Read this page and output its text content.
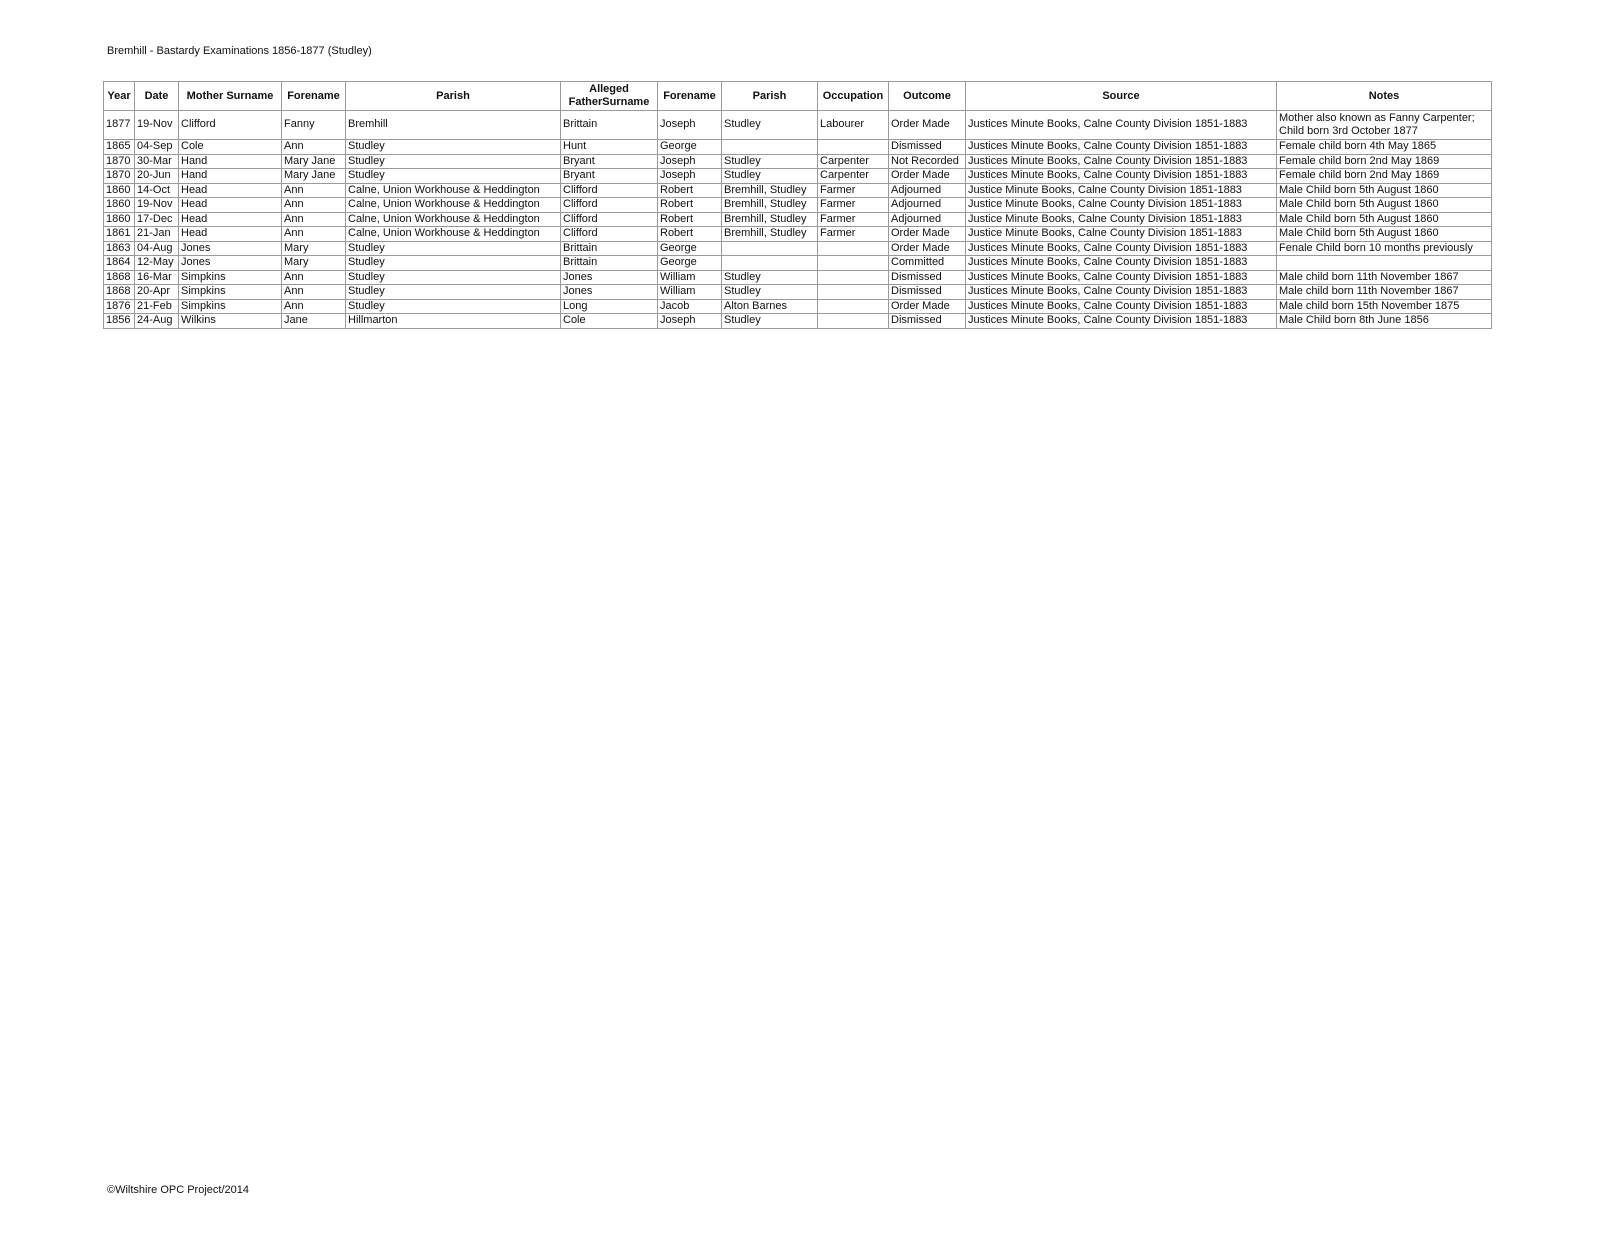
Bremhill - Bastardy Examinations 1856-1877 (Studley)
Year	Date	Mother Surname	Forename	Parish	Alleged FatherSurname	Forename	Parish	Occupation	Outcome	Source	Notes
1877	19-Nov	Clifford	Fanny	Bremhill	Brittain	Joseph	Studley	Labourer	Order Made	Justices Minute Books, Calne County Division 1851-1883	Mother also known as Fanny Carpenter; Child born 3rd October 1877
1865	04-Sep	Cole	Ann	Studley	Hunt	George			Dismissed	Justices Minute Books, Calne County Division 1851-1883	Female child born 4th May 1865
1870	30-Mar	Hand	Mary Jane	Studley	Bryant	Joseph	Studley	Carpenter	Not Recorded	Justices Minute Books, Calne County Division 1851-1883	Female child born 2nd May 1869
1870	20-Jun	Hand	Mary Jane	Studley	Bryant	Joseph	Studley	Carpenter	Order Made	Justices Minute Books, Calne County Division 1851-1883	Female child born 2nd May 1869
1860	14-Oct	Head	Ann	Calne, Union Workhouse & Heddington	Clifford	Robert	Bremhill, Studley	Farmer	Adjourned	Justice Minute Books, Calne County Division 1851-1883	Male Child born 5th August 1860
1860	19-Nov	Head	Ann	Calne, Union Workhouse & Heddington	Clifford	Robert	Bremhill, Studley	Farmer	Adjourned	Justice Minute Books, Calne County Division 1851-1883	Male Child born 5th August 1860
1860	17-Dec	Head	Ann	Calne, Union Workhouse & Heddington	Clifford	Robert	Bremhill, Studley	Farmer	Adjourned	Justice Minute Books, Calne County Division 1851-1883	Male Child born 5th August 1860
1861	21-Jan	Head	Ann	Calne, Union Workhouse & Heddington	Clifford	Robert	Bremhill, Studley	Farmer	Order Made	Justice Minute Books, Calne County Division 1851-1883	Male Child born 5th August 1860
1863	04-Aug	Jones	Mary	Studley	Brittain	George			Order Made	Justices Minute Books, Calne County Division 1851-1883	Fenale Child born 10 months previously
1864	12-May	Jones	Mary	Studley	Brittain	George			Committed	Justices Minute Books, Calne County Division 1851-1883	
1868	16-Mar	Simpkins	Ann	Studley	Jones	William	Studley		Dismissed	Justices Minute Books, Calne County Division 1851-1883	Male child born 11th November 1867
1868	20-Apr	Simpkins	Ann	Studley	Jones	William	Studley		Dismissed	Justices Minute Books, Calne County Division 1851-1883	Male child born 11th November 1867
1876	21-Feb	Simpkins	Ann	Studley	Long	Jacob	Alton Barnes		Order Made	Justices Minute Books, Calne County Division 1851-1883	Male child born 15th November 1875
1856	24-Aug	Wilkins	Jane	Hillmarton	Cole	Joseph	Studley		Dismissed	Justices Minute Books, Calne County Division 1851-1883	Male Child born 8th June 1856
©Wiltshire OPC Project/2014
